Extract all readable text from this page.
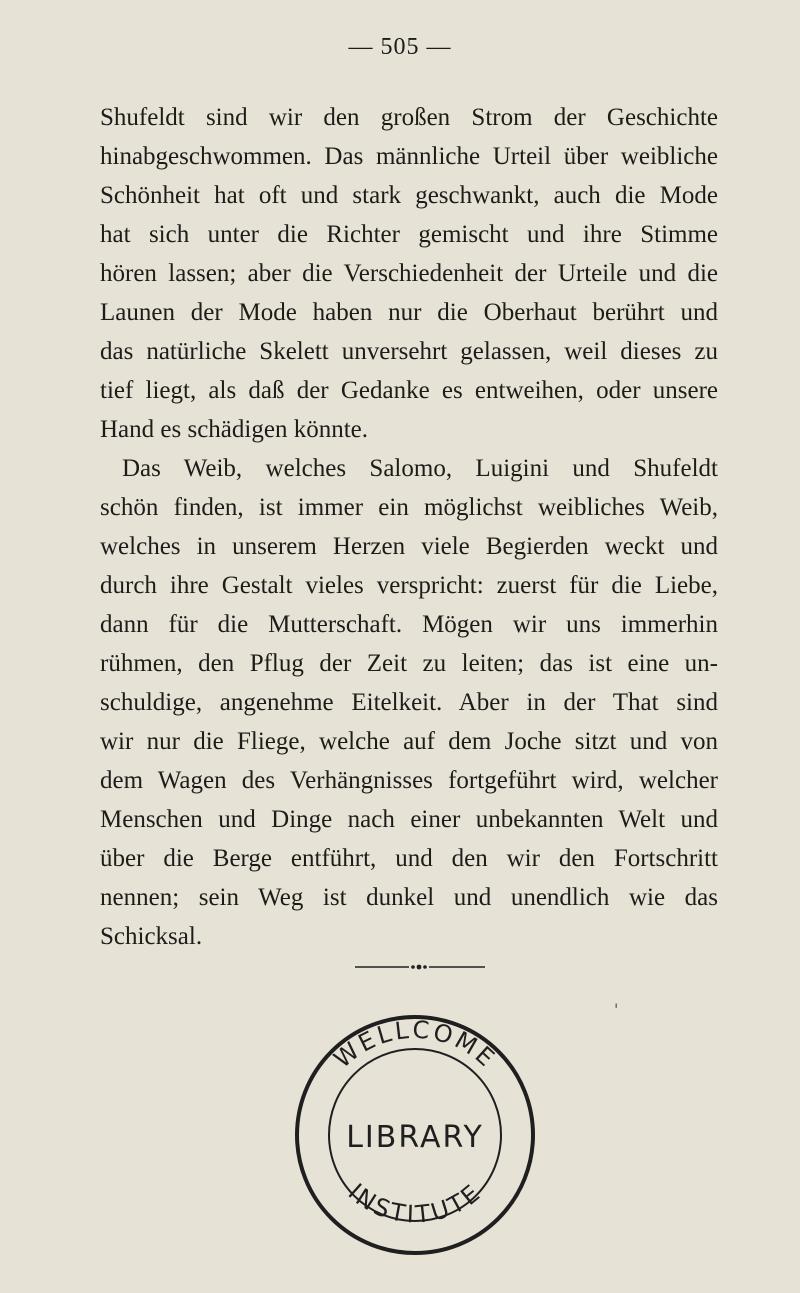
— 505 —
Shufeldt sind wir den großen Strom der Geschichte
hinabgeschwommen. Das männliche Urteil über weibliche
Schönheit hat oft und stark geschwankt, auch die Mode
hat sich unter die Richter gemischt und ihre Stimme
hören lassen; aber die Verschiedenheit der Urteile und die
Launen der Mode haben nur die Oberhaut berührt und
das natürliche Skelett unversehrt gelassen, weil dieses zu
tief liegt, als daß der Gedanke es entweihen, oder unsere
Hand es schädigen könnte.
Das Weib, welches Salomo, Luigini und Shufeldt
schön finden, ist immer ein möglichst weibliches Weib,
welches in unserem Herzen viele Begierden weckt und
durch ihre Gestalt vieles verspricht: zuerst für die Liebe,
dann für die Mutterschaft. Mögen wir uns immerhin
rühmen, den Pflug der Zeit zu leiten; das ist eine un-
schuldige, angenehme Eitelkeit. Aber in der That sind
wir nur die Fliege, welche auf dem Joche sitzt und von
dem Wagen des Verhängnisses fortgeführt wird, welcher
Menschen und Dinge nach einer unbekannten Welt und
über die Berge entführt, und den wir den Fortschritt
nennen; sein Weg ist dunkel und unendlich wie das
Schicksal.
'
WELLCOME
LIBRARY
INSTITUTE
